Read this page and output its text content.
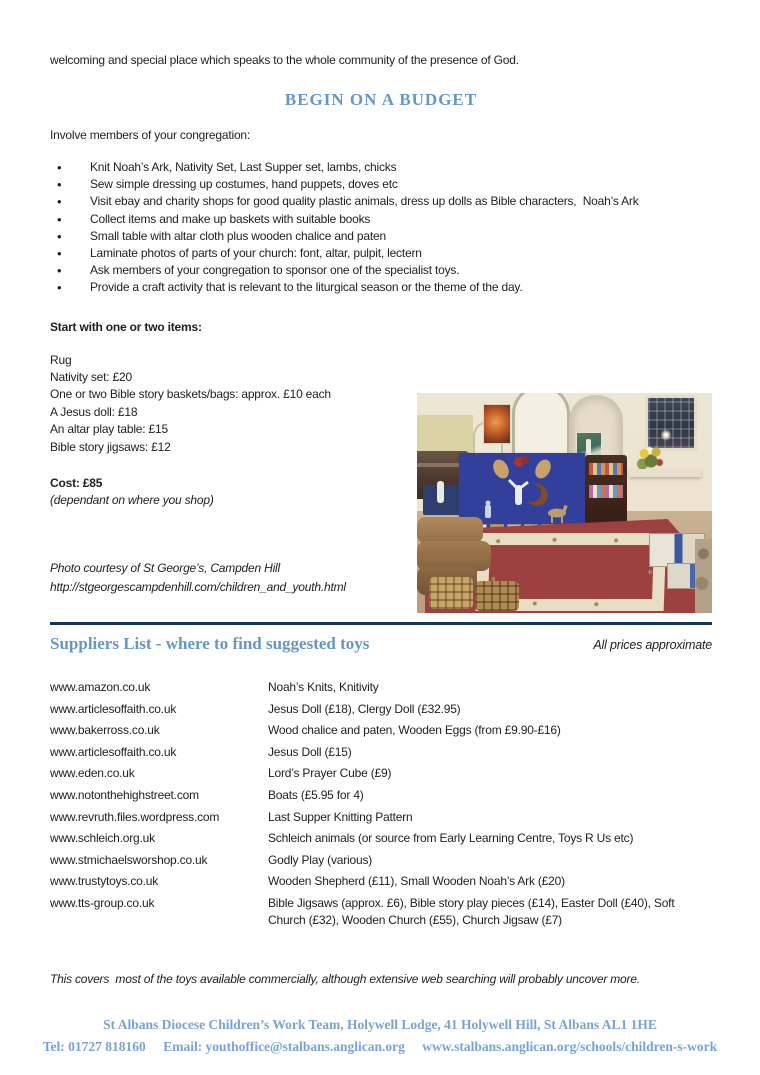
welcoming and special place which speaks to the whole community of the presence of God.

BEGIN ON A BUDGET

Involve members of your congregation:

• Knit Noah’s Ark, Nativity Set, Last Supper set, lambs, chicks
• Sew simple dressing up costumes, hand puppets, doves etc
• Visit ebay and charity shops for good quality plastic animals, dress up dolls as Bible characters,  Noah’s Ark
• Collect items and make up baskets with suitable books
• Small table with altar cloth plus wooden chalice and paten
• Laminate photos of parts of your church: font, altar, pulpit, lectern
• Ask members of your congregation to sponsor one of the specialist toys.
• Provide a craft activity that is relevant to the liturgical season or the theme of the day.

Start with one or two items:

Rug
Nativity set: £20
One or two Bible story baskets/bags: approx. £10 each
A Jesus doll: £18
An altar play table: £15
Bible story jigsaws: £12

Cost: £85

(dependant on where you shop)

Photo courtesy of St George’s, Campden Hill
http://stgeorgescampdenhill.com/children_and_youth.html
Suppliers List - where to find suggested toys	All prices approximate
www.amazon.co.uk	Noah’s Knits, Knitivity
www.articlesoffaith.co.uk	Jesus Doll (£18), Clergy Doll (£32.95)
www.bakerross.co.uk	Wood chalice and paten, Wooden Eggs (from £9.90-£16)
www.articlesoffaith.co.uk	Jesus Doll (£15)
www.eden.co.uk	Lord’s Prayer Cube (£9)
www.notonthehighstreet.com	Boats (£5.95 for 4)
www.revruth.files.wordpress.com	Last Supper Knitting Pattern
www.schleich.org.uk	Schleich animals (or source from Early Learning Centre, Toys R Us etc)
www.stmichaelsworshop.co.uk	Godly Play (various)
www.trustytoys.co.uk	Wooden Shepherd (£11), Small Wooden Noah’s Ark (£20)
www.tts-group.co.uk	Bible Jigsaws (approx. £6), Bible story play pieces (£14), Easter Doll (£40), Soft Church (£32), Wooden Church (£55), Church Jigsaw (£7)

This covers  most of the toys available commercially, although extensive web searching will probably uncover more.

St Albans Diocese Children’s Work Team, Holywell Lodge, 41 Holywell Hill, St Albans AL1 1HE
Tel: 01727 818160 Email: youthoffice@stalbans.anglican.org www.stalbans.anglican.org/schools/children-s-work
